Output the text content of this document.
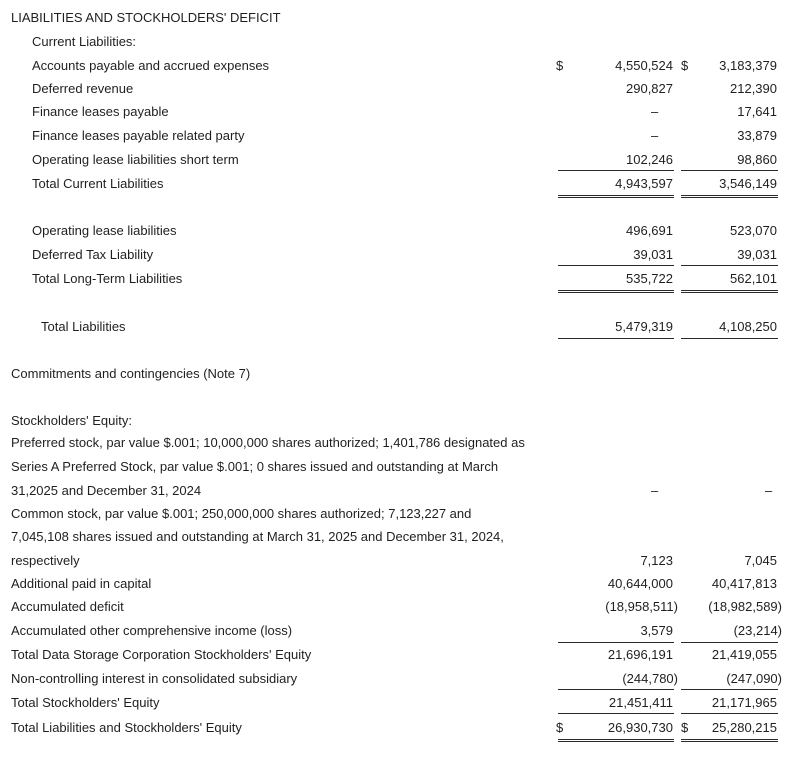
LIABILITIES AND STOCKHOLDERS' DEFICIT
Current Liabilities:
Accounts payable and accrued expenses	$	4,550,524 $ 3,183,379
Deferred revenue	290,827	212,390
Finance leases payable	–	17,641
Finance leases payable related party	–	33,879
Operating lease liabilities short term	102,246	98,860
Total Current Liabilities	4,943,597	3,546,149
Operating lease liabilities	496,691	523,070
Deferred Tax Liability	39,031	39,031
Total Long-Term Liabilities	535,722	562,101
Total Liabilities	5,479,319	4,108,250
Commitments and contingencies (Note 7)
Stockholders' Equity:
Preferred stock, par value $.001; 10,000,000 shares authorized; 1,401,786 designated as
Series A Preferred Stock, par value $.001; 0 shares issued and outstanding at March
31,2025 and December 31, 2024	–	–
Common stock, par value $.001; 250,000,000 shares authorized; 7,123,227 and
7,045,108 shares issued and outstanding at March 31, 2025 and December 31, 2024,
respectively	7,123	7,045
Additional paid in capital	40,644,000	40,417,813
Accumulated deficit	(18,958,511) (18,982,589)
Accumulated other comprehensive income (loss)	3,579	(23,214)
Total Data Storage Corporation Stockholders' Equity	21,696,191	21,419,055
Non-controlling interest in consolidated subsidiary	(244,780)	(247,090)
Total Stockholders' Equity	21,451,411	21,171,965
Total Liabilities and Stockholders' Equity	$	26,930,730 $ 25,280,215
